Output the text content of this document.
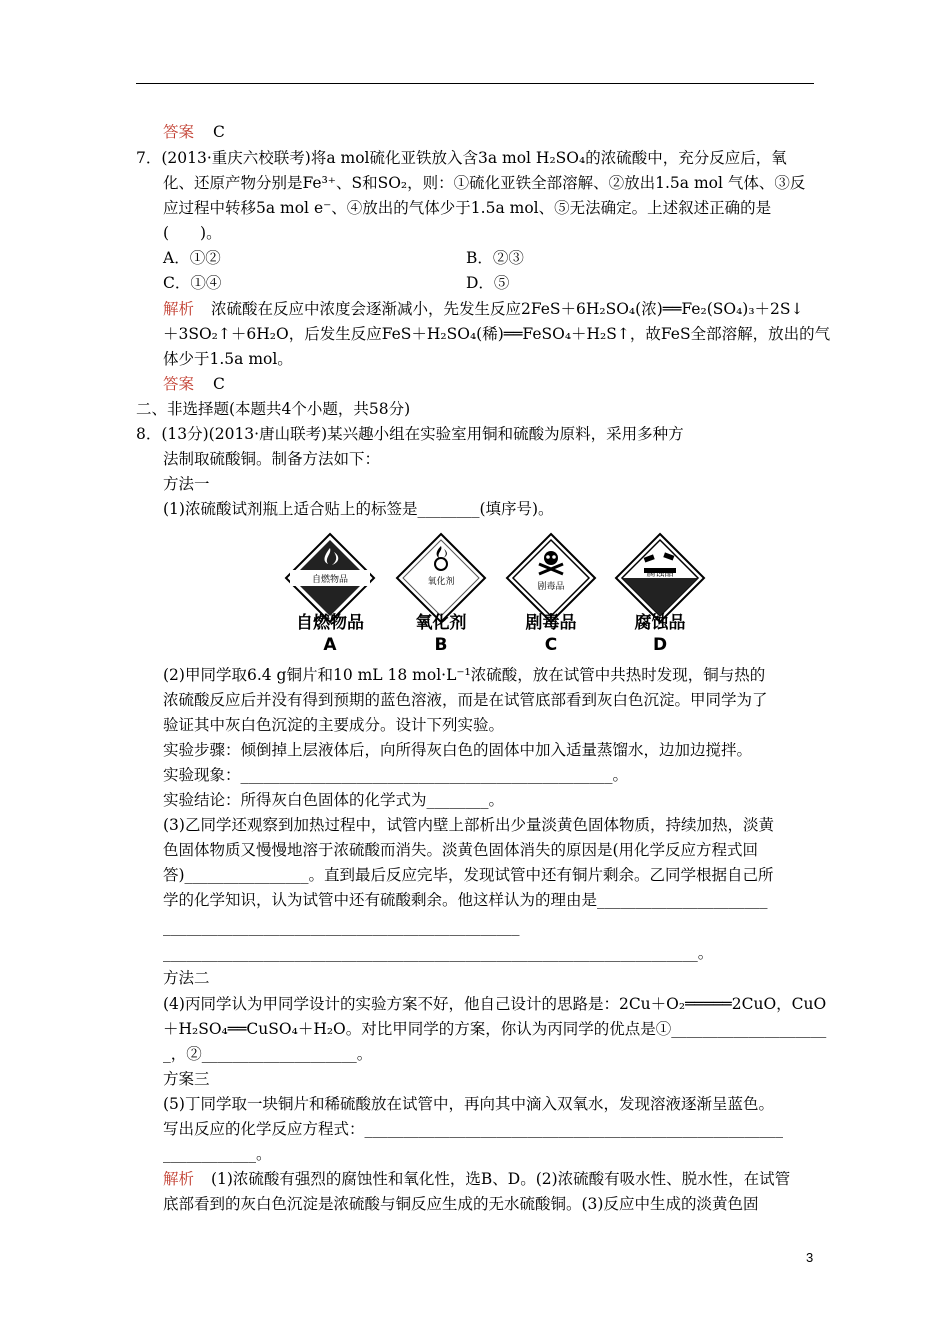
答案 C
7．(2013·重庆六校联考)将a mol硫化亚铁放入含3a mol H₂SO₄的浓硫酸中，充分反应后，氧
化、还原产物分别是Fe³⁺、S和SO₂，则：①硫化亚铁全部溶解、②放出1.5a mol 气体、③反
应过程中转移5a mol e⁻、④放出的气体少于1.5a mol、⑤无法确定。上述叙述正确的是
(　　)。
A．①②	B．②③
C．①④	D．⑤
解析 浓硫酸在反应中浓度会逐渐减小，先发生反应2FeS＋6H₂SO₄(浓)══Fe₂(SO₄)₃＋2S↓
＋3SO₂↑＋6H₂O，后发生反应FeS＋H₂SO₄(稀)══FeSO₄＋H₂S↑，故FeS全部溶解，放出的气
体少于1.5a mol。
答案 C
二、非选择题(本题共4个小题，共58分)
8．(13分)(2013·唐山联考)某兴趣小组在实验室用铜和硫酸为原料，采用多种方
法制取硫酸铜。制备方法如下：
方法一
(1)浓硫酸试剂瓶上适合贴上的标签是________(填序号)。
自燃物品	氧化剂	剧毒品
腐蚀品
自燃物品
A
氧化剂
B
剧毒品
C
腐蚀品
D
(2)甲同学取6.4 g铜片和10 mL 18 mol·L⁻¹浓硫酸，放在试管中共热时发现，铜与热的
浓硫酸反应后并没有得到预期的蓝色溶液，而是在试管底部看到灰白色沉淀。甲同学为了
验证其中灰白色沉淀的主要成分。设计下列实验。
实验步骤：倾倒掉上层液体后，向所得灰白色的固体中加入适量蒸馏水，边加边搅拌。
实验现象：________________________________________________。
实验结论：所得灰白色固体的化学式为________。
(3)乙同学还观察到加热过程中，试管内壁上部析出少量淡黄色固体物质，持续加热，淡黄
色固体物质又慢慢地溶于浓硫酸而消失。淡黄色固体消失的原因是(用化学反应方程式回
答)________________。直到最后反应完毕，发现试管中还有铜片剩余。乙同学根据自己所
学的化学知识，认为试管中还有硫酸剩余。他这样认为的理由是______________________
______________________________________________
_____________________________________________________________________。
方法二
(4)丙同学认为甲同学设计的实验方案不好，他自己设计的思路是：2Cu＋O₂═════2CuO，CuO
＋H₂SO₄══CuSO₄＋H₂O。对比甲同学的方案，你认为丙同学的优点是①____________________
_，②____________________。
方案三
(5)丁同学取一块铜片和稀硫酸放在试管中，再向其中滴入双氧水，发现溶液逐渐呈蓝色。
写出反应的化学反应方程式：______________________________________________________
____________。
解析 (1)浓硫酸有强烈的腐蚀性和氧化性，选B、D。(2)浓硫酸有吸水性、脱水性，在试管
底部看到的灰白色沉淀是浓硫酸与铜反应生成的无水硫酸铜。(3)反应中生成的淡黄色固
3
